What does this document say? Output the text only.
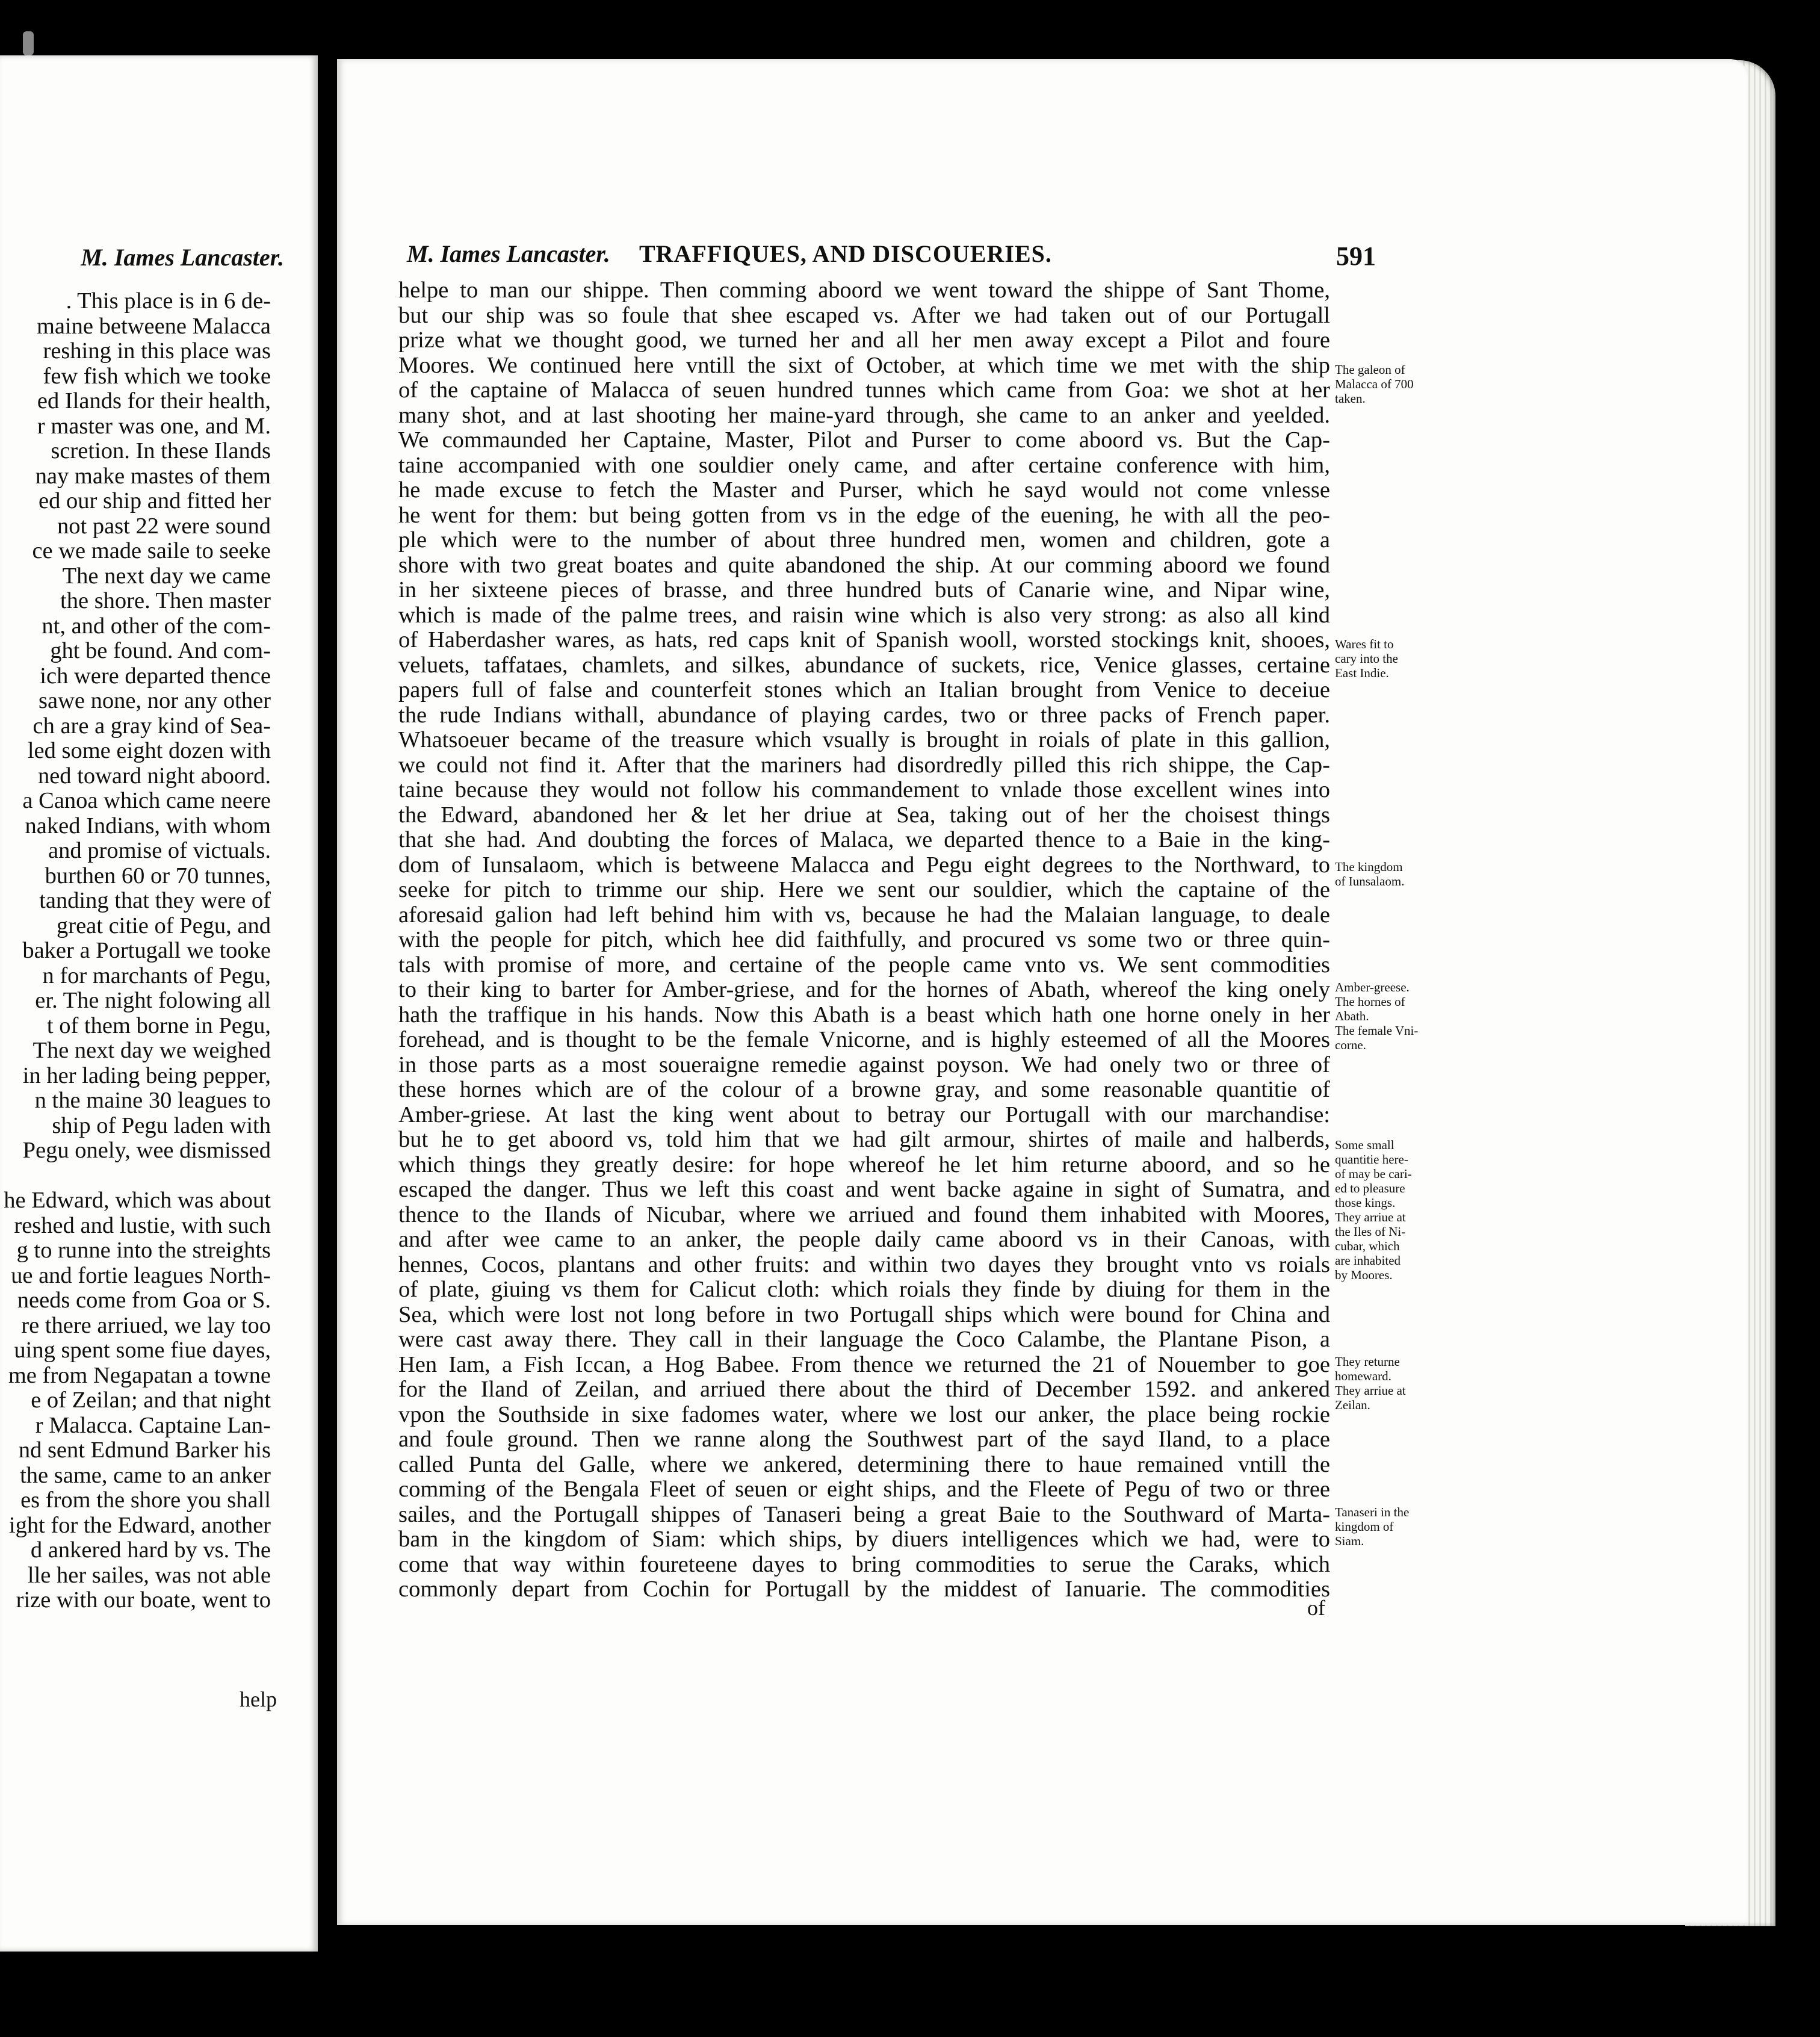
M. Iames Lancaster.
. This place is in 6 de-
maine betweene Malacca
reshing in this place was
few fish which we tooke
ed Ilands for their health,
r master was one, and M.
scretion. In these Ilands
nay make mastes of them
ed our ship and fitted her
not past 22 were sound
ce we made saile to seeke
The next day we came
the shore. Then master
nt, and other of the com-
ght be found. And com-
ich were departed thence
sawe none, nor any other
ch are a gray kind of Sea-
led some eight dozen with
ned toward night aboord.
a Canoa which came neere
naked Indians, with whom
and promise of victuals.
burthen 60 or 70 tunnes,
tanding that they were of
great citie of Pegu, and
baker a Portugall we tooke
n for marchants of Pegu,
er. The night folowing all
t of them borne in Pegu,
The next day we weighed
in her lading being pepper,
n the maine 30 leagues to
ship of Pegu laden with
Pegu onely, wee dismissed

he Edward, which was about
reshed and lustie, with such
g to runne into the streights
ue and fortie leagues North-
needs come from Goa or S.
re there arriued, we lay too
uing spent some fiue dayes,
me from Negapatan a towne
e of Zeilan; and that night
r Malacca. Captaine Lan-
nd sent Edmund Barker his
the same, came to an anker
es from the shore you shall
ight for the Edward, another
d ankered hard by vs. The
lle her sailes, was not able
rize with our boate, went to
help
M. Iames Lancaster. TRAFFIQUES, AND DISCOUERIES.	591
helpe to man our shippe. Then comming aboord we went toward the shippe of Sant Thome,
but our ship was so foule that shee escaped vs. After we had taken out of our Portugall
prize what we thought good, we turned her and all her men away except a Pilot and foure
Moores. We continued here vntill the sixt of October, at which time we met with the ship
of the captaine of Malacca of seuen hundred tunnes which came from Goa: we shot at her
many shot, and at last shooting her maine-yard through, she came to an anker and yeelded.
We commaunded her Captaine, Master, Pilot and Purser to come aboord vs. But the Cap-
taine accompanied with one souldier onely came, and after certaine conference with him,
he made excuse to fetch the Master and Purser, which he sayd would not come vnlesse
he went for them: but being gotten from vs in the edge of the euening, he with all the peo-
ple which were to the number of about three hundred men, women and children, gote a
shore with two great boates and quite abandoned the ship. At our comming aboord we found
in her sixteene pieces of brasse, and three hundred buts of Canarie wine, and Nipar wine,
which is made of the palme trees, and raisin wine which is also very strong: as also all kind
of Haberdasher wares, as hats, red caps knit of Spanish wooll, worsted stockings knit, shooes,
veluets, taffataes, chamlets, and silkes, abundance of suckets, rice, Venice glasses, certaine
papers full of false and counterfeit stones which an Italian brought from Venice to deceiue
the rude Indians withall, abundance of playing cardes, two or three packs of French paper.
Whatsoeuer became of the treasure which vsually is brought in roials of plate in this gallion,
we could not find it. After that the mariners had disordredly pilled this rich shippe, the Cap-
taine because they would not follow his commandement to vnlade those excellent wines into
the Edward, abandoned her & let her driue at Sea, taking out of her the choisest things
that she had. And doubting the forces of Malaca, we departed thence to a Baie in the king-
dom of Iunsalaom, which is betweene Malacca and Pegu eight degrees to the Northward, to
seeke for pitch to trimme our ship. Here we sent our souldier, which the captaine of the
aforesaid galion had left behind him with vs, because he had the Malaian language, to deale
with the people for pitch, which hee did faithfully, and procured vs some two or three quin-
tals with promise of more, and certaine of the people came vnto vs. We sent commodities
to their king to barter for Amber-griese, and for the hornes of Abath, whereof the king onely
hath the traffique in his hands. Now this Abath is a beast which hath one horne onely in her
forehead, and is thought to be the female Vnicorne, and is highly esteemed of all the Moores
in those parts as a most soueraigne remedie against poyson. We had onely two or three of
these hornes which are of the colour of a browne gray, and some reasonable quantitie of
Amber-griese. At last the king went about to betray our Portugall with our marchandise:
but he to get aboord vs, told him that we had gilt armour, shirtes of maile and halberds,
which things they greatly desire: for hope whereof he let him returne aboord, and so he
escaped the danger. Thus we left this coast and went backe againe in sight of Sumatra, and
thence to the Ilands of Nicubar, where we arriued and found them inhabited with Moores,
and after wee came to an anker, the people daily came aboord vs in their Canoas, with
hennes, Cocos, plantans and other fruits: and within two dayes they brought vnto vs roials
of plate, giuing vs them for Calicut cloth: which roials they finde by diuing for them in the
Sea, which were lost not long before in two Portugall ships which were bound for China and
were cast away there. They call in their language the Coco Calambe, the Plantane Pison, a
Hen Iam, a Fish Iccan, a Hog Babee. From thence we returned the 21 of Nouember to goe
for the Iland of Zeilan, and arriued there about the third of December 1592. and ankered
vpon the Southside in sixe fadomes water, where we lost our anker, the place being rockie
and foule ground. Then we ranne along the Southwest part of the sayd Iland, to a place
called Punta del Galle, where we ankered, determining there to haue remained vntill the
comming of the Bengala Fleet of seuen or eight ships, and the Fleete of Pegu of two or three
sailes, and the Portugall shippes of Tanaseri being a great Baie to the Southward of Marta-
bam in the kingdom of Siam: which ships, by diuers intelligences which we had, were to
come that way within foureteene dayes to bring commodities to serue the Caraks, which
commonly depart from Cochin for Portugall by the middest of Ianuarie. The commodities
of
The galeon of
Malacca of 700
taken.
Wares fit to
cary into the
East Indie.
The kingdom
of Iunsalaom.
Amber-greese.
The hornes of
Abath.
The female Vni-
corne.
Some small
quantitie here-
of may be cari-
ed to pleasure
those kings.
They arriue at
the Iles of Ni-
cubar, which
are inhabited
by Moores.
They returne
homeward.
They arriue at
Zeilan.
Tanaseri in the
kingdom of
Siam.
